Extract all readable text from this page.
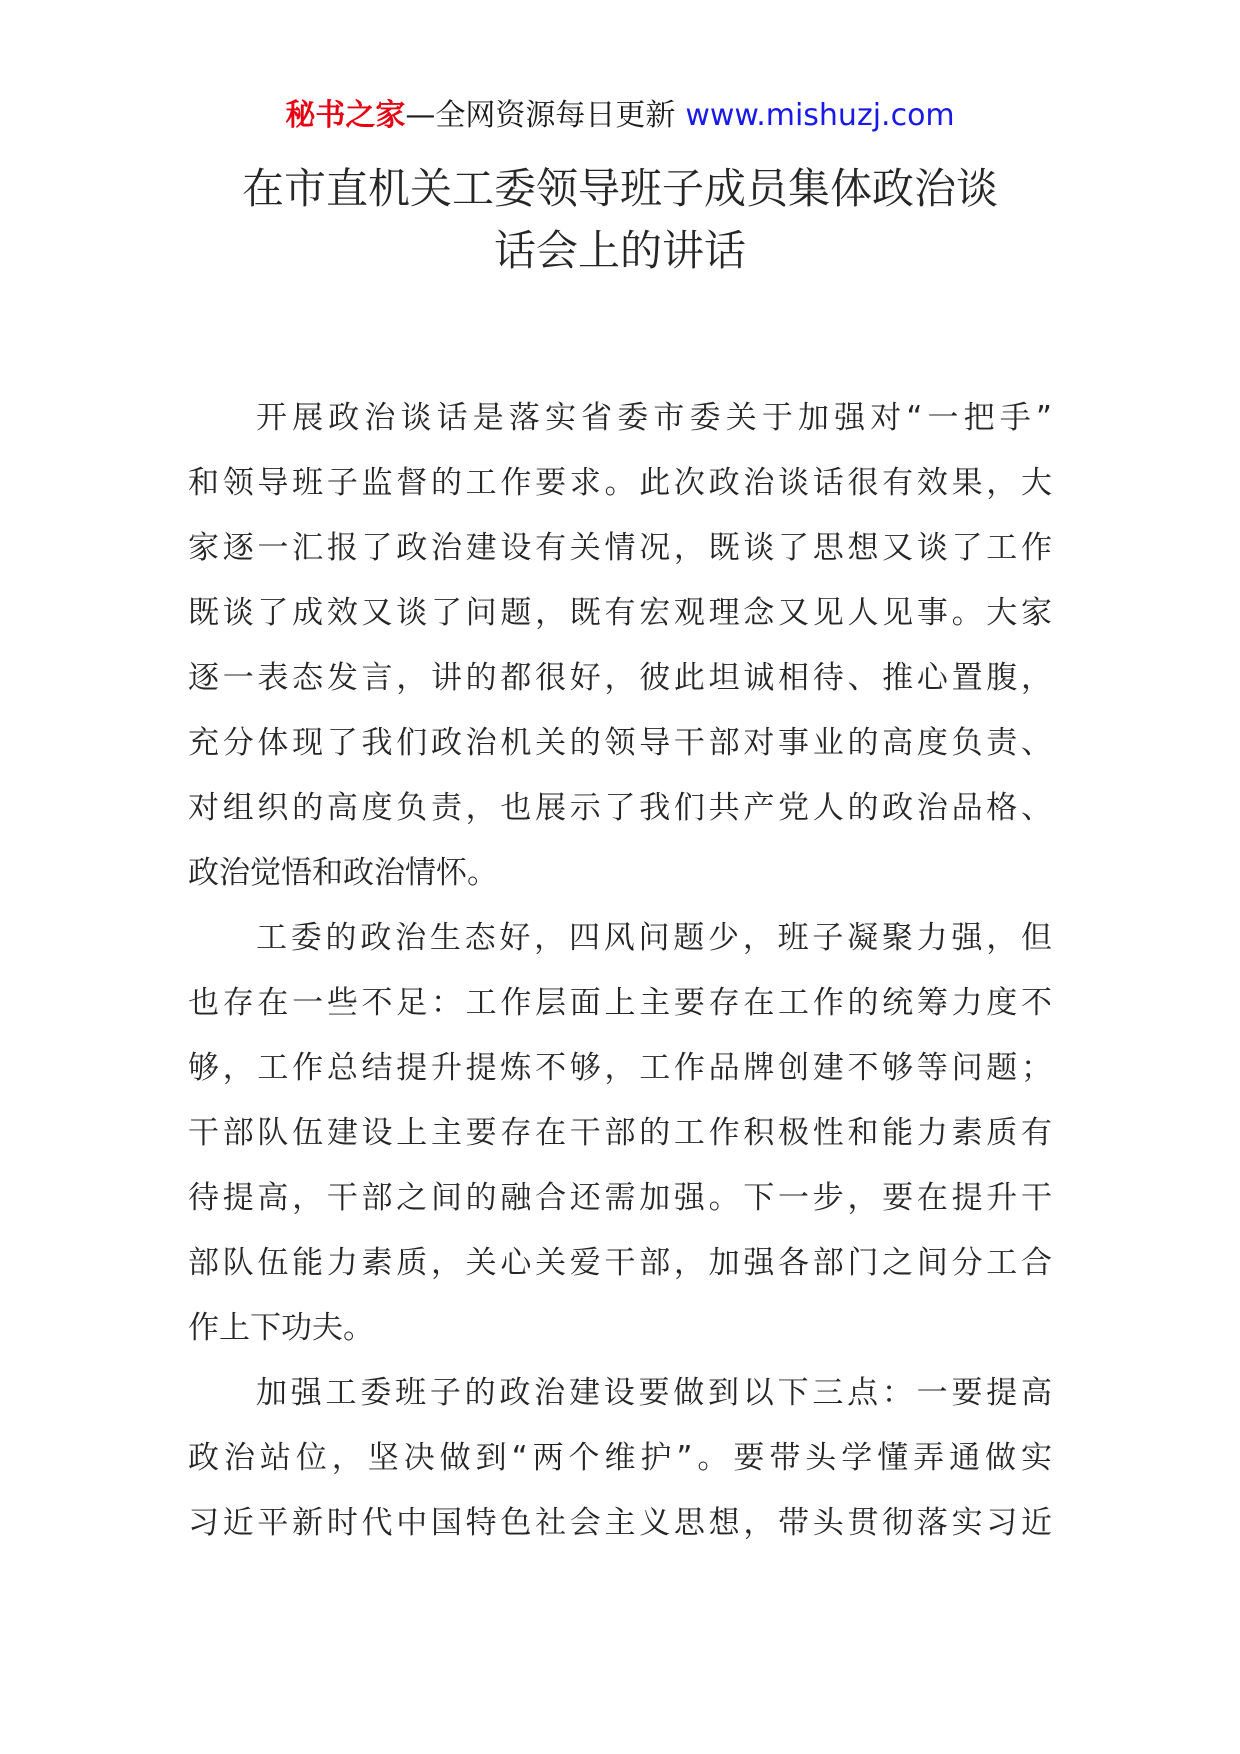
秘书之家—全网资源每日更新 www.mishuzj.com
在市直机关工委领导班子成员集体政治谈
话会上的讲话
开展政治谈话是落实省委市委关于加强对“一把手”
和领导班子监督的工作要求。此次政治谈话很有效果，大
家逐一汇报了政治建设有关情况，既谈了思想又谈了工作
既谈了成效又谈了问题，既有宏观理念又见人见事。大家
逐一表态发言，讲的都很好，彼此坦诚相待、推心置腹，
充分体现了我们政治机关的领导干部对事业的高度负责、
对组织的高度负责，也展示了我们共产党人的政治品格、
政治觉悟和政治情怀。
工委的政治生态好，四风问题少，班子凝聚力强，但
也存在一些不足：工作层面上主要存在工作的统筹力度不
够，工作总结提升提炼不够，工作品牌创建不够等问题；
干部队伍建设上主要存在干部的工作积极性和能力素质有
待提高，干部之间的融合还需加强。下一步，要在提升干
部队伍能力素质，关心关爱干部，加强各部门之间分工合
作上下功夫。
加强工委班子的政治建设要做到以下三点：一要提高
政治站位，坚决做到“两个维护”。要带头学懂弄通做实
习近平新时代中国特色社会主义思想，带头贯彻落实习近
